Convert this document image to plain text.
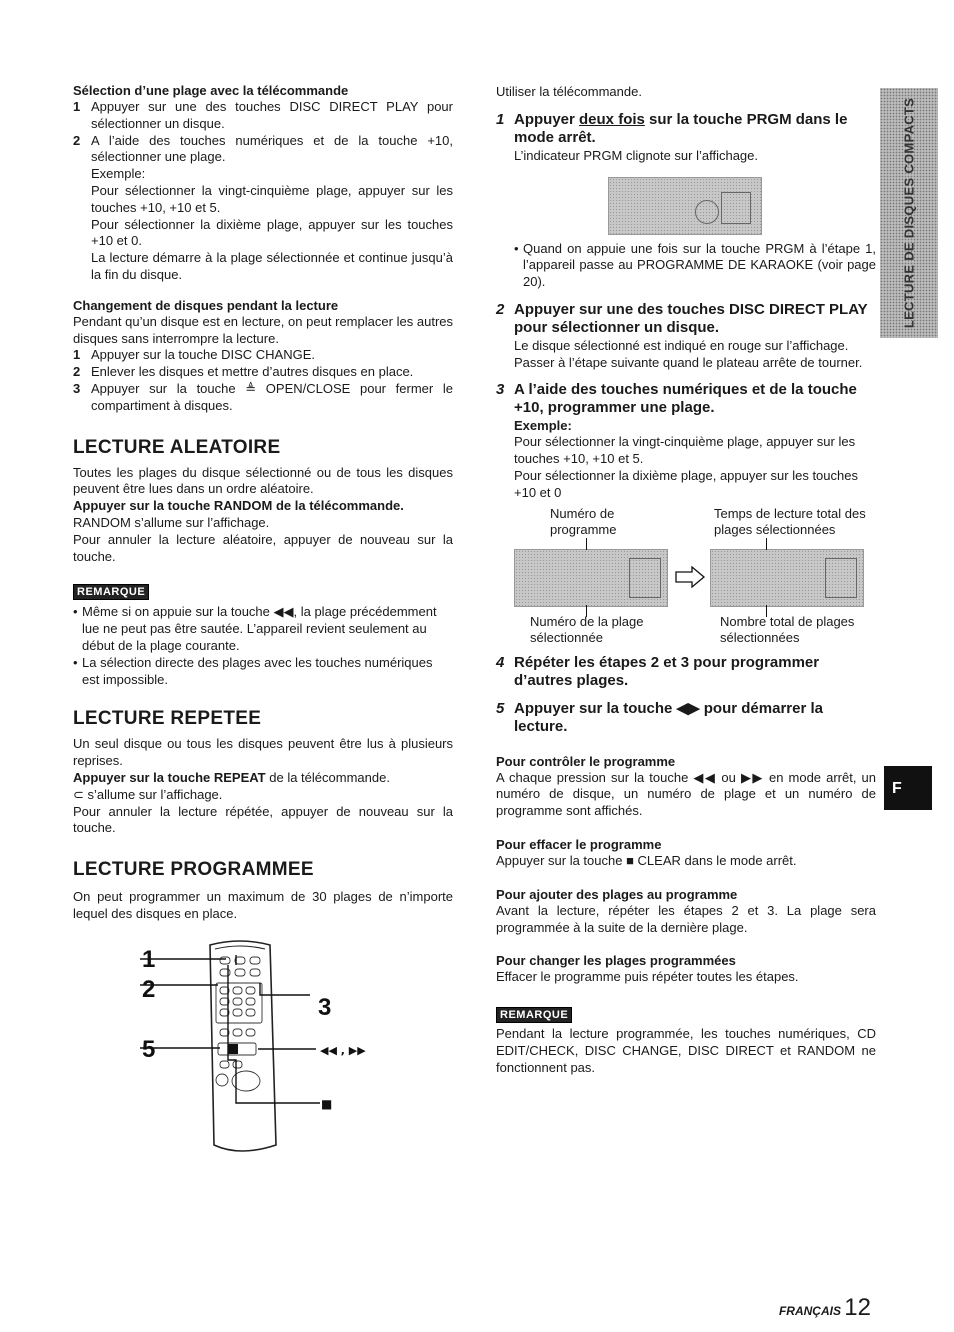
LECTURE DE DISQUES COMPACTS
F

Sélection d’une plage avec la télécommande

1 Appuyer sur une des touches DISC DIRECT PLAY pour sélectionner un disque.
2 A l’aide des touches numériques et de la touche +10, sélectionner une plage.

Exemple:

Pour sélectionner la vingt-cinquième plage, appuyer sur les touches +10, +10 et 5.

Pour sélectionner la dixième plage, appuyer sur les touches +10 et 0.

La lecture démarre à la plage sélectionnée et continue jusqu’à la fin du disque.

Changement de disques pendant la lecture

Pendant qu’un disque est en lecture, on peut remplacer les autres disques sans interrompre la lecture.

1 Appuyer sur la touche DISC CHANGE.
2 Enlever les disques et mettre d’autres disques en place.
3 Appuyer sur la touche ≜ OPEN/CLOSE pour fermer le compartiment à disques.
LECTURE ALEATOIRE

Toutes les plages du disque sélectionné ou de tous les disques peuvent être lues dans un ordre aléatoire.

Appuyer sur la touche RANDOM de la télécommande.

RANDOM s’allume sur l’affichage.

Pour annuler la lecture aléatoire, appuyer de nouveau sur la touche.

REMARQUE
• Même si on appuie sur la touche ◀◀, la plage précédemment lue ne peut pas être sautée. L’appareil revient seulement au début de la plage courante.
• La sélection directe des plages avec les touches numériques est impossible.
LECTURE REPETEE

Un seul disque ou tous les disques peuvent être lus à plusieurs reprises.

Appuyer sur la touche REPEAT de la télécommande.

⊂ s’allume sur l’affichage.

Pour annuler la lecture répétée, appuyer de nouveau sur la touche.

LECTURE PROGRAMMEE

On peut programmer un maximum de 30 plages de n’importe lequel des disques en place.

1
2
3
5	◀◀ , ▶▶
■

Utiliser la télécommande.

1 Appuyer deux fois sur la touche PRGM dans le mode arrêt.

L’indicateur PRGM clignote sur l’affichage.

• Quand on appuie une fois sur la touche PRGM à l’étape 1, l’appareil passe au PROGRAMME DE KARAOKE (voir page 20).
2 Appuyer sur une des touches DISC DIRECT PLAY pour sélectionner un disque.

Le disque sélectionné est indiqué en rouge sur l’affichage.

Passer à l’étape suivante quand le plateau arrête de tourner.

3 A l’aide des touches numériques et de la touche +10, programmer une plage.

Exemple:

Pour sélectionner la vingt-cinquième plage, appuyer sur les touches +10, +10 et 5.

Pour sélectionner la dixième plage, appuyer sur les touches +10 et 0

Numéro de programme

Temps de lecture total des plages sélectionnées

Numéro de la plage sélectionnée

Nombre total de plages sélectionnées

4 Répéter les étapes 2 et 3 pour programmer d’autres plages.
5 Appuyer sur la touche ◀▶ pour démarrer la lecture.

Pour contrôler le programme

A chaque pression sur la touche ◀◀ ou ▶▶ en mode arrêt, un numéro de disque, un numéro de plage et un numéro de programme sont affichés.

Pour effacer le programme

Appuyer sur la touche ■ CLEAR dans le mode arrêt.

Pour ajouter des plages au programme

Avant la lecture, répéter les étapes 2 et 3. La plage sera programmée à la suite de la dernière plage.

Pour changer les plages programmées

Effacer le programme puis répéter toutes les étapes.

REMARQUE

Pendant la lecture programmée, les touches numériques, CD EDIT/CHECK, DISC CHANGE, DISC DIRECT et RANDOM ne fonctionnent pas.

FRANÇAIS 12
